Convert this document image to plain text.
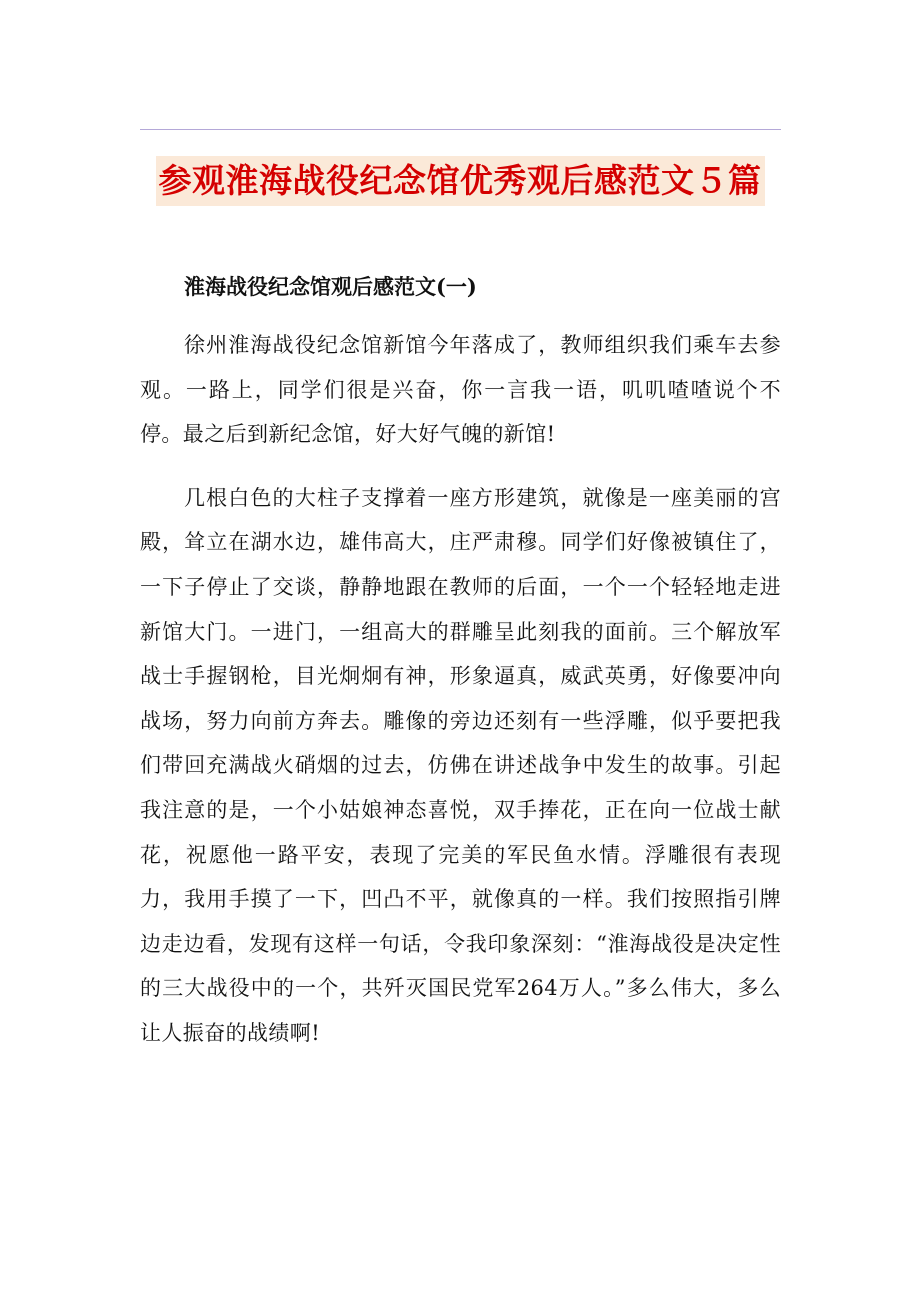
参观淮海战役纪念馆优秀观后感范文５篇
淮海战役纪念馆观后感范文(一)

徐州淮海战役纪念馆新馆今年落成了，教师组织我们乘车去参观。一路上，同学们很是兴奋，你一言我一语，叽叽喳喳说个不停。最之后到新纪念馆，好大好气魄的新馆!

几根白色的大柱子支撑着一座方形建筑，就像是一座美丽的宫殿，耸立在湖水边，雄伟高大，庄严肃穆。同学们好像被镇住了，一下子停止了交谈，静静地跟在教师的后面，一个一个轻轻地走进新馆大门。一进门，一组高大的群雕呈此刻我的面前。三个解放军战士手握钢枪，目光炯炯有神，形象逼真，威武英勇，好像要冲向战场，努力向前方奔去。雕像的旁边还刻有一些浮雕，似乎要把我们带回充满战火硝烟的过去，仿佛在讲述战争中发生的故事。引起我注意的是，一个小姑娘神态喜悦，双手捧花，正在向一位战士献花，祝愿他一路平安，表现了完美的军民鱼水情。浮雕很有表现力，我用手摸了一下，凹凸不平，就像真的一样。我们按照指引牌边走边看，发现有这样一句话，令我印象深刻：“淮海战役是决定性的三大战役中的一个，共歼灭国民党军264万人。”多么伟大，多么让人振奋的战绩啊!
